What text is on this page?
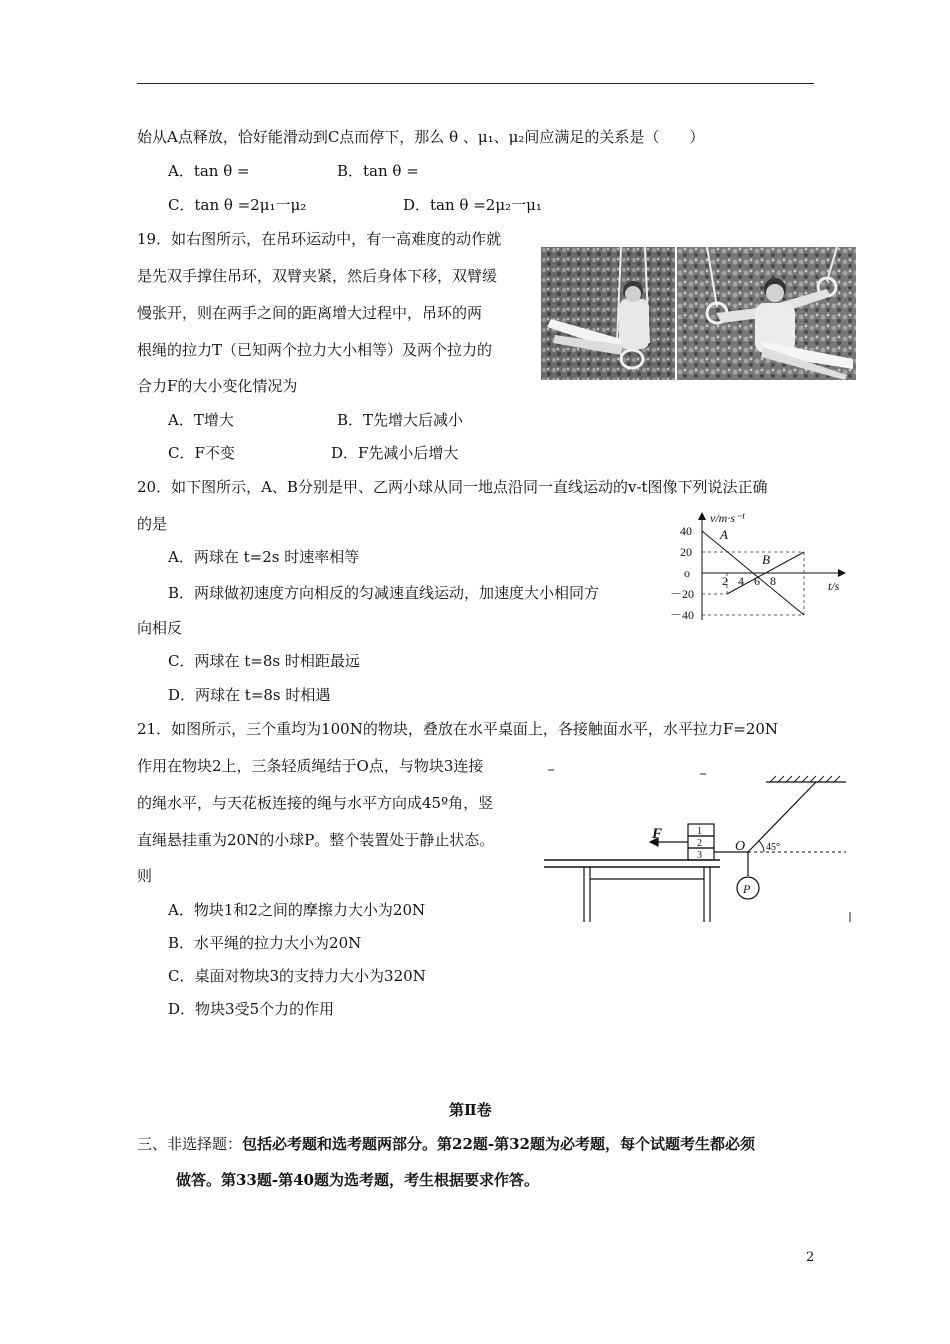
始从A点释放，恰好能滑动到C点而停下，那么 θ 、μ₁、μ₂间应满足的关系是（　　）
A．tan θ =	B．tan θ =
C．tan θ =2μ₁一μ₂	D．tan θ =2μ₂一μ₁
19．如右图所示，在吊环运动中，有一高难度的动作就
是先双手撑住吊环，双臂夹紧，然后身体下移，双臂缓
慢张开，则在两手之间的距离增大过程中，吊环的两
根绳的拉力T（已知两个拉力大小相等）及两个拉力的
合力F的大小变化情况为
A．T增大	B．T先增大后减小
C．F不变	D．F先减小后增大
20．如下图所示，A、B分别是甲、乙两小球从同一地点沿同一直线运动的v-t图像下列说法正确
的是
A．两球在 t=2s 时速率相等
B．两球做初速度方向相反的匀减速直线运动，加速度大小相同方
向相反
C．两球在 t=8s 时相距最远
D．两球在 t=8s 时相遇
v/m·s⁻¹
t/s
40
20
o
－20
－40
2 4 6 8
A
B
21．如图所示，三个重均为100N的物块，叠放在水平桌面上，各接触面水平，水平拉力F=20N
作用在物块2上，三条轻质绳结于O点，与物块3连接
的绳水平，与天花板连接的绳与水平方向成45º角，竖
直绳悬挂重为20N的小球P。整个装置处于静止状态。
则
A．物块1和2之间的摩擦力大小为20N
B．水平绳的拉力大小为20N
C．桌面对物块3的支持力大小为320N
D．物块3受5个力的作用
F	1
2
3
O 45°
P
第Ⅱ卷
三、非选择题：包括必考题和选考题两部分。第22题-第32题为必考题，每个试题考生都必须
做答。第33题-第40题为选考题，考生根据要求作答。
2
